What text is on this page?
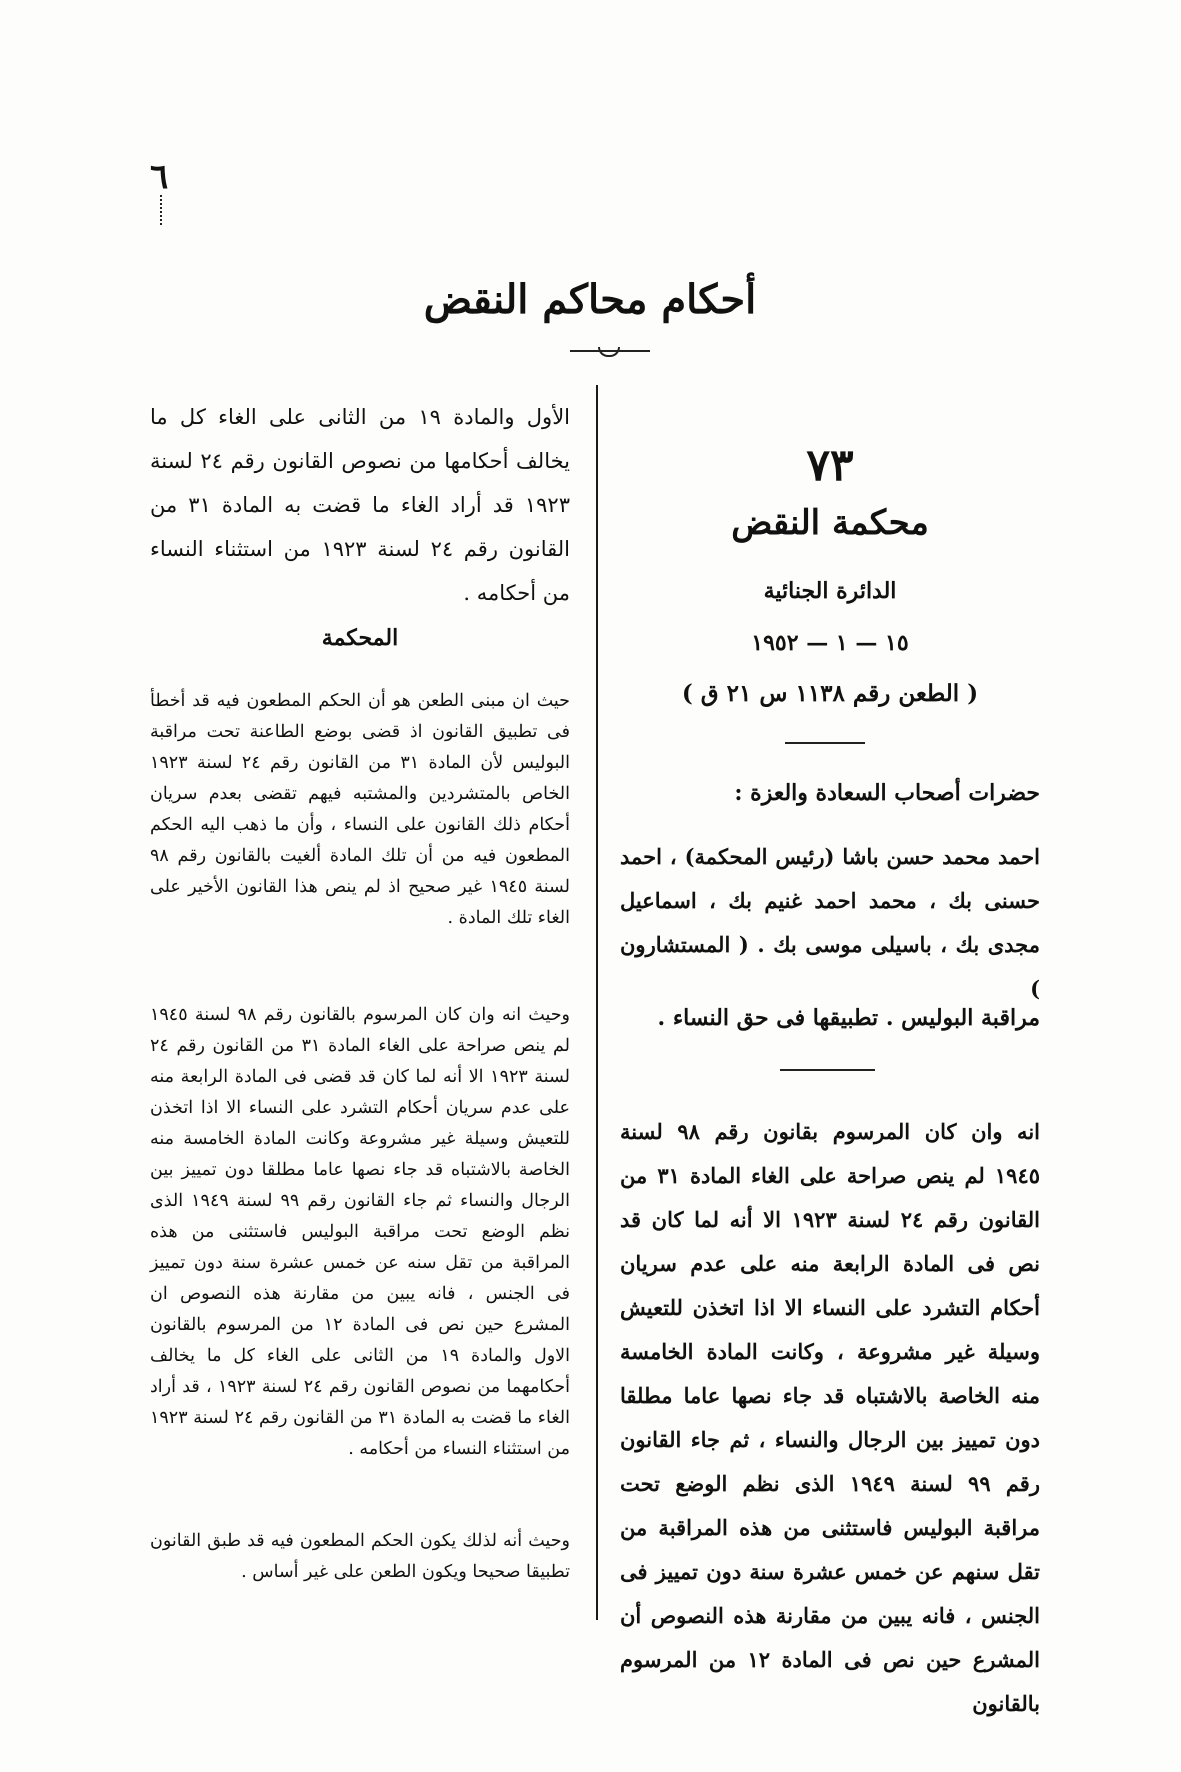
٦
أحكام محاكم النقض
٧٣
محكمة النقض
الدائرة الجنائية
١٥ — ١ — ١٩٥٢
( الطعن رقم ١١٣٨ س ٢١ ق )
حضرات أصحاب السعادة والعزة :
احمد محمد حسن باشا (رئيس المحكمة) ، احمد حسنى بك ، محمد احمد غنيم بك ، اسماعيل مجدى بك ، باسيلى موسى بك . ( المستشارون )
مراقبة البوليس . تطبيقها فى حق النساء .
انه وان كان المرسوم بقانون رقم ٩٨ لسنة ١٩٤٥ لم ينص صراحة على الغاء المادة ٣١ من القانون رقم ٢٤ لسنة ١٩٢٣ الا أنه لما كان قد نص فى المادة الرابعة منه على عدم سريان أحكام التشرد على النساء الا اذا اتخذن للتعيش وسيلة غير مشروعة ، وكانت المادة الخامسة منه الخاصة بالاشتباه قد جاء نصها عاما مطلقا دون تمييز بين الرجال والنساء ، ثم جاء القانون رقم ٩٩ لسنة ١٩٤٩ الذى نظم الوضع تحت مراقبة البوليس فاستثنى من هذه المراقبة من تقل سنهم عن خمس عشرة سنة دون تمييز فى الجنس ، فانه يبين من مقارنة هذه النصوص أن المشرع حين نص فى المادة ١٢ من المرسوم بالقانون
الأول والمادة ١٩ من الثانى على الغاء كل ما يخالف أحكامها من نصوص القانون رقم ٢٤ لسنة ١٩٢٣ قد أراد الغاء ما قضت به المادة ٣١ من القانون رقم ٢٤ لسنة ١٩٢٣ من استثناء النساء من أحكامه .
المحكمة
حيث ان مبنى الطعن هو أن الحكم المطعون فيه قد أخطأ فى تطبيق القانون اذ قضى بوضع الطاعنة تحت مراقبة البوليس لأن المادة ٣١ من القانون رقم ٢٤ لسنة ١٩٢٣ الخاص بالمتشردين والمشتبه فيهم تقضى بعدم سريان أحكام ذلك القانون على النساء ، وأن ما ذهب اليه الحكم المطعون فيه من أن تلك المادة ألغيت بالقانون رقم ٩٨ لسنة ١٩٤٥ غير صحيح اذ لم ينص هذا القانون الأخير على الغاء تلك المادة .
وحيث انه وان كان المرسوم بالقانون رقم ٩٨ لسنة ١٩٤٥ لم ينص صراحة على الغاء المادة ٣١ من القانون رقم ٢٤ لسنة ١٩٢٣ الا أنه لما كان قد قضى فى المادة الرابعة منه على عدم سريان أحكام التشرد على النساء الا اذا اتخذن للتعيش وسيلة غير مشروعة وكانت المادة الخامسة منه الخاصة بالاشتباه قد جاء نصها عاما مطلقا دون تمييز بين الرجال والنساء ثم جاء القانون رقم ٩٩ لسنة ١٩٤٩ الذى نظم الوضع تحت مراقبة البوليس فاستثنى من هذه المراقبة من تقل سنه عن خمس عشرة سنة دون تمييز فى الجنس ، فانه يبين من مقارنة هذه النصوص ان المشرع حين نص فى المادة ١٢ من المرسوم بالقانون الاول والمادة ١٩ من الثانى على الغاء كل ما يخالف أحكامهما من نصوص القانون رقم ٢٤ لسنة ١٩٢٣ ، قد أراد الغاء ما قضت به المادة ٣١ من القانون رقم ٢٤ لسنة ١٩٢٣ من استثناء النساء من أحكامه .
وحيث أنه لذلك يكون الحكم المطعون فيه قد طبق القانون تطبيقا صحيحا ويكون الطعن على غير أساس .
